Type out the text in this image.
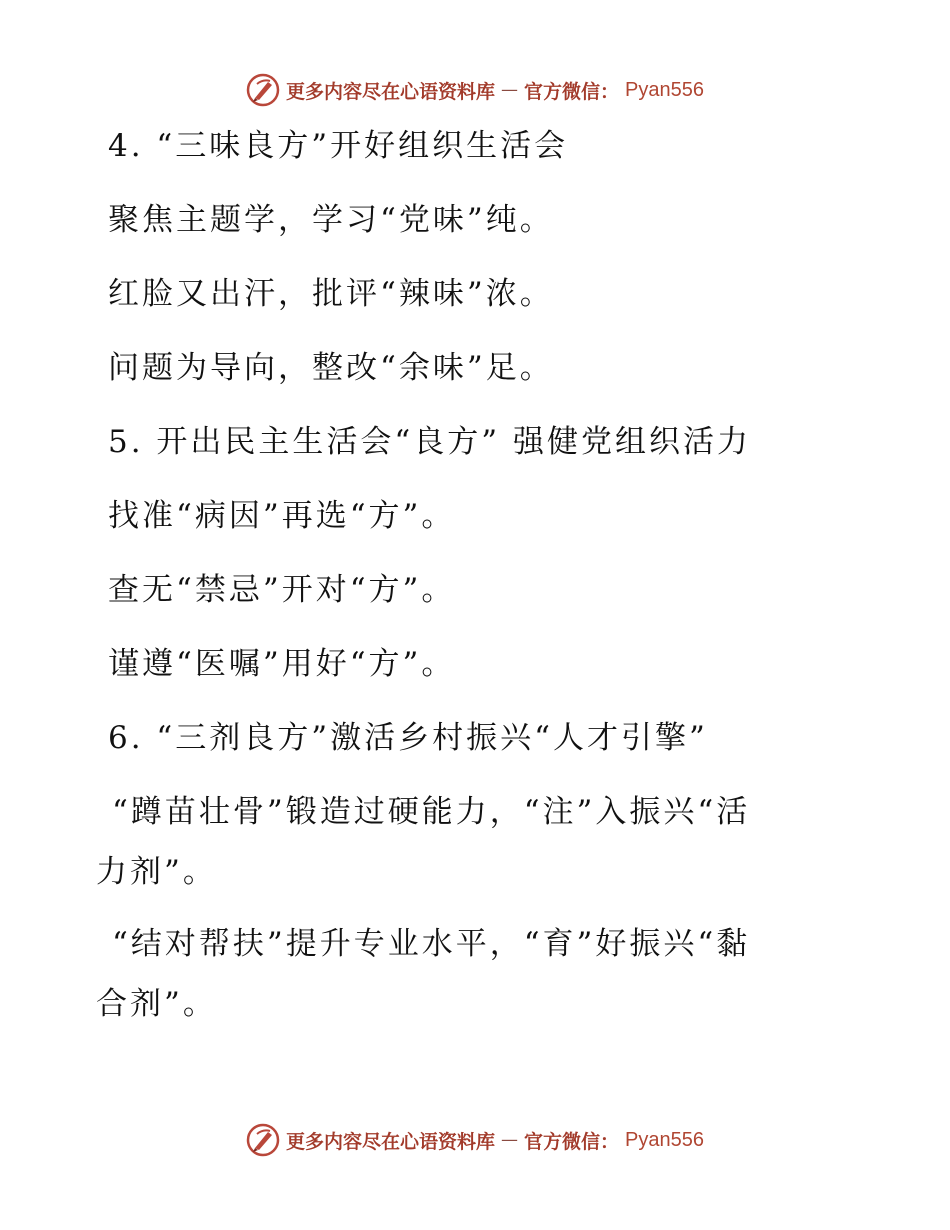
更多内容尽在心语资料库 — 官方微信： Pyan556
4. “三味良方”开好组织生活会
聚焦主题学，学习“党味”纯。
红脸又出汗，批评“辣味”浓。
问题为导向，整改“余味”足。
5. 开出民主生活会“良方” 强健党组织活力
找准“病因”再选“方”。
查无“禁忌”开对“方”。
谨遵“医嘱”用好“方”。
6. “三剂良方”激活乡村振兴“人才引擎”
“蹲苗壮骨”锻造过硬能力，“注”入振兴“活
力剂”。
“结对帮扶”提升专业水平，“育”好振兴“黏
合剂”。
更多内容尽在心语资料库 — 官方微信： Pyan556
